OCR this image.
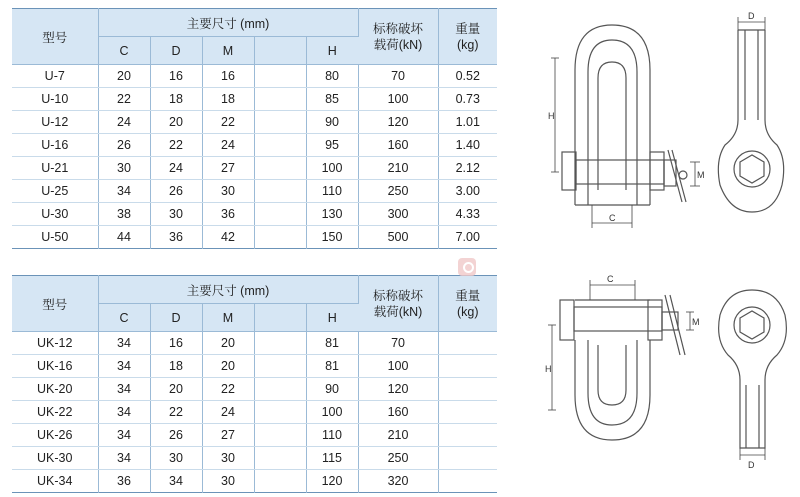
型号	主要尺寸 (mm)					标称破坏
载荷(kN)	重量
(kg)
	C	D	M		H		
U-7	20	16	16		80	70	0.52
U-10	22	18	18		85	100	0.73
U-12	24	20	22		90	120	1.01
U-16	26	22	24		95	160	1.40
U-21	30	24	27		100	210	2.12
U-25	34	26	30		110	250	3.00
U-30	38	30	36		130	300	4.33
U-50	44	36	42		150	500	7.00
型号	主要尺寸 (mm)					标称破坏
载荷(kN)	重量
(kg)
	C	D	M		H		
UK-12	34	16	20		81	70	
UK-16	34	18	20		81	100	
UK-20	34	20	22		90	120	
UK-22	34	22	24		100	160	
UK-26	34	26	27		110	210	
UK-30	34	30	30		115	250	
UK-34	36	34	30		120	320	
H
C
M
D
C
H
M
D
